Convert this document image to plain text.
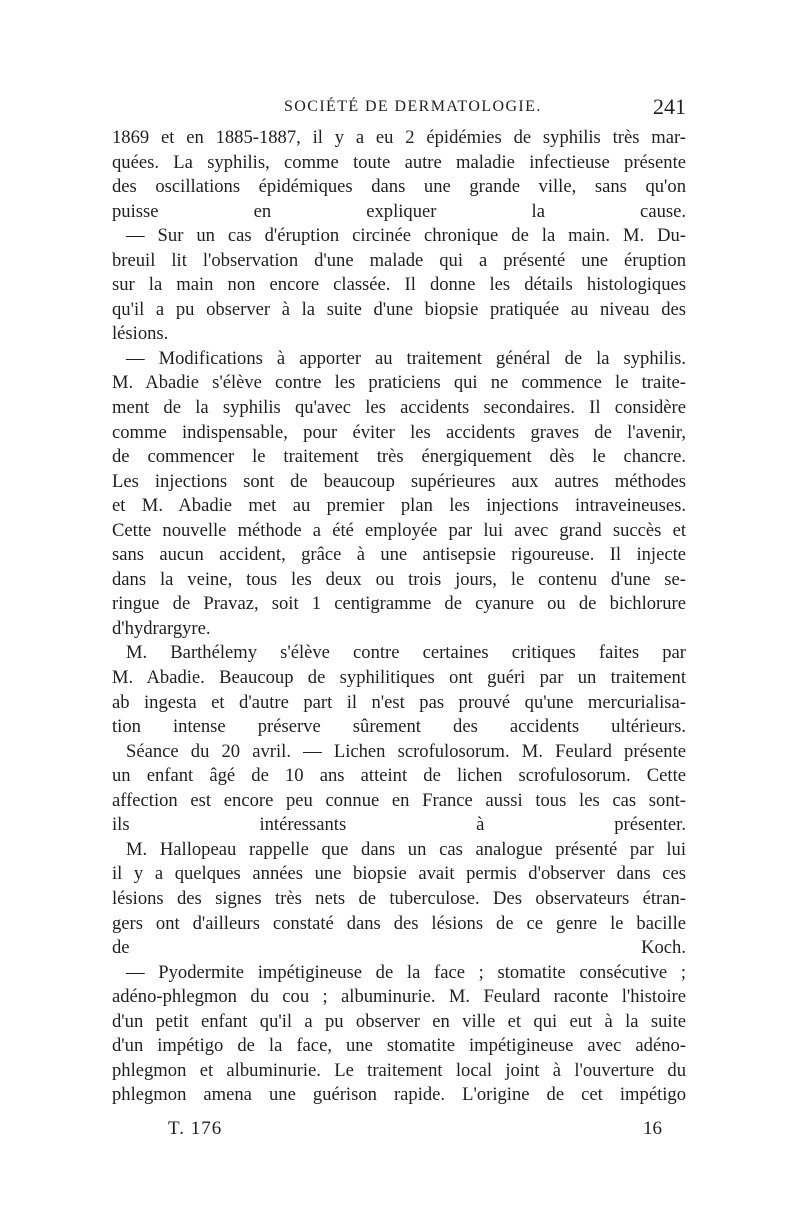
SOCIÉTÉ DE DERMATOLOGIE.	241

1869 et en 1885-1887, il y a eu 2 épidémies de syphilis très mar-
quées. La syphilis, comme toute autre maladie infectieuse présente
des oscillations épidémiques dans une grande ville, sans qu'on
puisse en expliquer la cause.

— Sur un cas d'éruption circinée chronique de la main. M. Du-
breuil lit l'observation d'une malade qui a présenté une éruption
sur la main non encore classée. Il donne les détails histologiques
qu'il a pu observer à la suite d'une biopsie pratiquée au niveau des
lésions.

— Modifications à apporter au traitement général de la syphilis.
M. Abadie s'élève contre les praticiens qui ne commence le traite-
ment de la syphilis qu'avec les accidents secondaires. Il considère
comme indispensable, pour éviter les accidents graves de l'avenir,
de commencer le traitement très énergiquement dès le chancre.
Les injections sont de beaucoup supérieures aux autres méthodes
et M. Abadie met au premier plan les injections intraveineuses.
Cette nouvelle méthode a été employée par lui avec grand succès et
sans aucun accident, grâce à une antisepsie rigoureuse. Il injecte
dans la veine, tous les deux ou trois jours, le contenu d'une se-
ringue de Pravaz, soit 1 centigramme de cyanure ou de bichlorure
d'hydrargyre.

M. Barthélemy s'élève contre certaines critiques faites par
M. Abadie. Beaucoup de syphilitiques ont guéri par un traitement
ab ingesta et d'autre part il n'est pas prouvé qu'une mercurialisa-
tion intense préserve sûrement des accidents ultérieurs.

Séance du 20 avril. — Lichen scrofulosorum. M. Feulard présente
un enfant âgé de 10 ans atteint de lichen scrofulosorum. Cette
affection est encore peu connue en France aussi tous les cas sont-
ils intéressants à présenter.

M. Hallopeau rappelle que dans un cas analogue présenté par lui
il y a quelques années une biopsie avait permis d'observer dans ces
lésions des signes très nets de tuberculose. Des observateurs étran-
gers ont d'ailleurs constaté dans des lésions de ce genre le bacille
de Koch.

— Pyodermite impétigineuse de la face ; stomatite consécutive ;
adéno-phlegmon du cou ; albuminurie. M. Feulard raconte l'histoire
d'un petit enfant qu'il a pu observer en ville et qui eut à la suite
d'un impétigo de la face, une stomatite impétigineuse avec adéno-
phlegmon et albuminurie. Le traitement local joint à l'ouverture du
phlegmon amena une guérison rapide. L'origine de cet impétigo

T. 176	16
